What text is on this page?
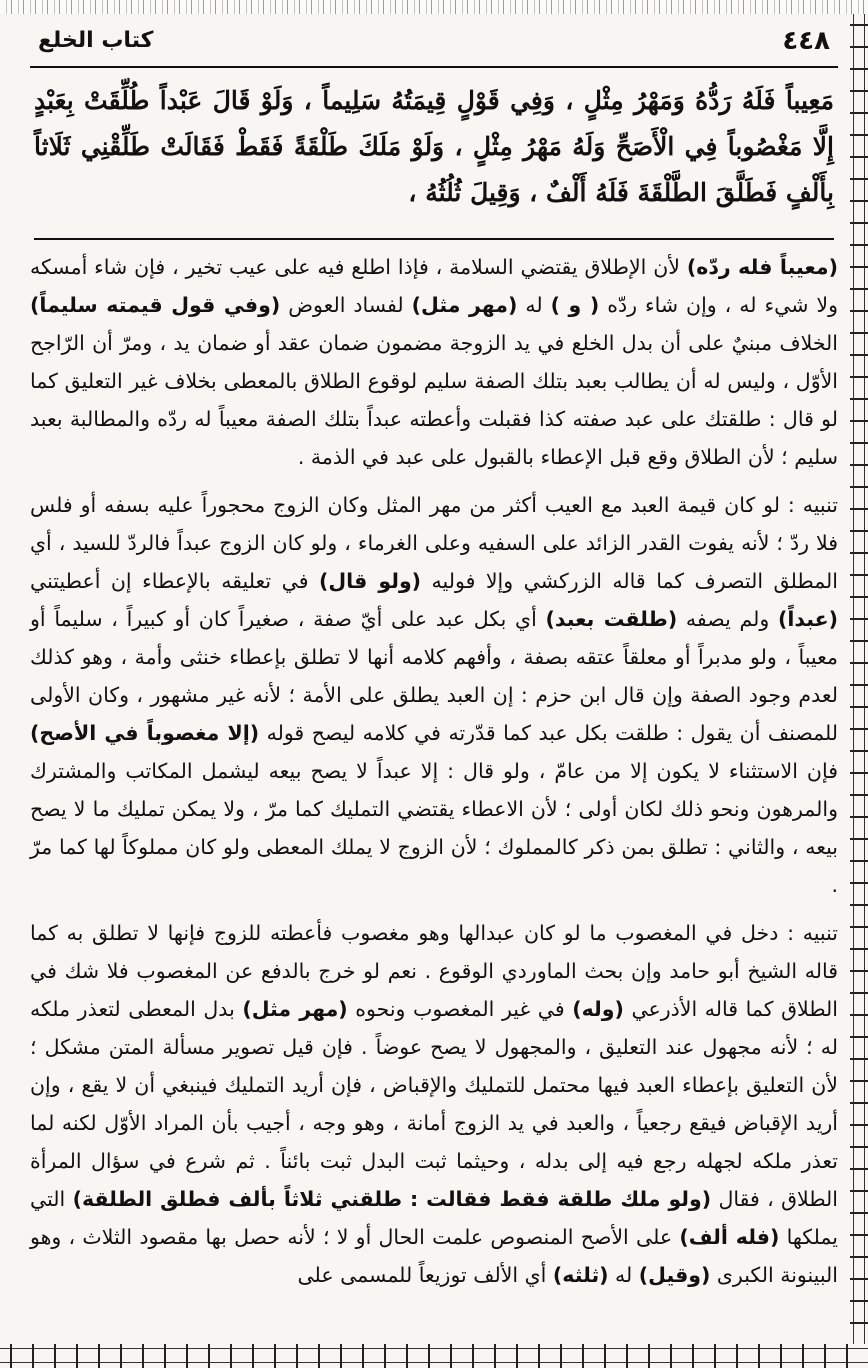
٤٤٨
كتاب الخلع

مَعِيباً فَلَهُ رَدُّهُ وَمَهْرُ مِثْلٍ ، وَفِي قَوْلٍ قِيمَتُهُ سَلِيماً ، وَلَوْ قَالَ عَبْداً طُلِّقَتْ بِعَبْدٍ إِلَّا مَغْصُوباً فِي الْأَصَحِّ وَلَهُ مَهْرُ مِثْلٍ ، وَلَوْ مَلَكَ طَلْقَةً فَقَطْ فَقَالَتْ طَلِّقْنِي ثَلَاثاً بِأَلْفٍ فَطَلَّقَ الطَّلْقَةَ فَلَهُ أَلْفٌ ، وَقِيلَ ثُلُثُهُ ،

(معيباً فله ردّه) لأن الإطلاق يقتضي السلامة ، فإذا اطلع فيه على عيب تخير ، فإن شاء أمسكه ولا شيء له ، وإن شاء ردّه ( و ) له (مهر مثل) لفساد العوض (وفي قول قيمته سليماً) الخلاف مبنيٌ على أن بدل الخلع في يد الزوجة مضمون ضمان عقد أو ضمان يد ، ومرّ أن الرّاجح الأوّل ، وليس له أن يطالب بعبد بتلك الصفة سليم لوقوع الطلاق بالمعطى بخلاف غير التعليق كما لو قال : طلقتك على عبد صفته كذا فقبلت وأعطته عبداً بتلك الصفة معيباً له ردّه والمطالبة بعبد سليم ؛ لأن الطلاق وقع قبل الإعطاء بالقبول على عبد في الذمة .

تنبيه : لو كان قيمة العبد مع العيب أكثر من مهر المثل وكان الزوج محجوراً عليه بسفه أو فلس فلا ردّ ؛ لأنه يفوت القدر الزائد على السفيه وعلى الغرماء ، ولو كان الزوج عبداً فالردّ للسيد ، أي المطلق التصرف كما قاله الزركشي وإلا فوليه (ولو قال) في تعليقه بالإعطاء إن أعطيتني (عبداً) ولم يصفه (طلقت بعبد) أي بكل عبد على أيّ صفة ، صغيراً كان أو كبيراً ، سليماً أو معيباً ، ولو مدبراً أو معلقاً عتقه بصفة ، وأفهم كلامه أنها لا تطلق بإعطاء خنثى وأمة ، وهو كذلك لعدم وجود الصفة وإن قال ابن حزم : إن العبد يطلق على الأمة ؛ لأنه غير مشهور ، وكان الأولى للمصنف أن يقول : طلقت بكل عبد كما قدّرته في كلامه ليصح قوله (إلا مغصوباً في الأصح) فإن الاستثناء لا يكون إلا من عامّ ، ولو قال : إلا عبداً لا يصح بيعه ليشمل المكاتب والمشترك والمرهون ونحو ذلك لكان أولى ؛ لأن الاعطاء يقتضي التمليك كما مرّ ، ولا يمكن تمليك ما لا يصح بيعه ، والثاني : تطلق بمن ذكر كالمملوك ؛ لأن الزوج لا يملك المعطى ولو كان مملوكاً لها كما مرّ .

تنبيه : دخل في المغصوب ما لو كان عبدالها وهو مغصوب فأعطته للزوج فإنها لا تطلق به كما قاله الشيخ أبو حامد وإن بحث الماوردي الوقوع . نعم لو خرج بالدفع عن المغصوب فلا شك في الطلاق كما قاله الأذرعي (وله) في غير المغصوب ونحوه (مهر مثل) بدل المعطى لتعذر ملكه له ؛ لأنه مجهول عند التعليق ، والمجهول لا يصح عوضاً . فإن قيل تصوير مسألة المتن مشكل ؛ لأن التعليق بإعطاء العبد فيها محتمل للتمليك والإقباض ، فإن أريد التمليك فينبغي أن لا يقع ، وإن أريد الإقباض فيقع رجعياً ، والعبد في يد الزوج أمانة ، وهو وجه ، أجيب بأن المراد الأوّل لكنه لما تعذر ملكه لجهله رجع فيه إلى بدله ، وحيثما ثبت البدل ثبت بائناً . ثم شرع في سؤال المرأة الطلاق ، فقال (ولو ملك طلقة فقط فقالت : طلقني ثلاثاً بألف فطلق الطلقة) التي يملكها (فله ألف) على الأصح المنصوص علمت الحال أو لا ؛ لأنه حصل بها مقصود الثلاث ، وهو البينونة الكبرى (وقيل) له (ثلثه) أي الألف توزيعاً للمسمى على
